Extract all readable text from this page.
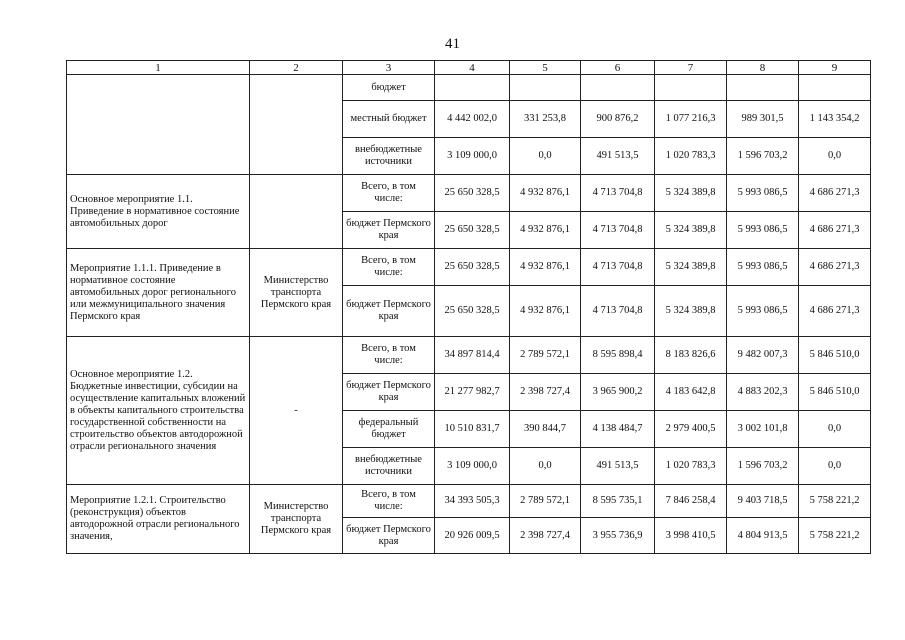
41
1	2	3	4	5	6	7	8	9
		бюджет						
		местный бюджет	4 442 002,0	331 253,8	900 876,2	1 077 216,3	989 301,5	1 143 354,2
		внебюджетные источники	3 109 000,0	0,0	491 513,5	1 020 783,3	1 596 703,2	0,0
Основное мероприятие 1.1. Приведение в нормативное состояние автомобильных дорог		Всего, в том числе:	25 650 328,5	4 932 876,1	4 713 704,8	5 324 389,8	5 993 086,5	4 686 271,3
		бюджет Пермского края	25 650 328,5	4 932 876,1	4 713 704,8	5 324 389,8	5 993 086,5	4 686 271,3
Мероприятие 1.1.1. Приведение в нормативное состояние автомобильных дорог регионального или межмуниципального значения Пермского края	Министерство транспорта Пермского края	Всего, в том числе:	25 650 328,5	4 932 876,1	4 713 704,8	5 324 389,8	5 993 086,5	4 686 271,3
		бюджет Пермского края	25 650 328,5	4 932 876,1	4 713 704,8	5 324 389,8	5 993 086,5	4 686 271,3
Основное мероприятие 1.2. Бюджетные инвестиции, субсидии на осуществление капитальных вложений в объекты капитального строительства государственной собственности на строительство объектов автодорожной отрасли регионального значения	-	Всего, в том числе:	34 897 814,4	2 789 572,1	8 595 898,4	8 183 826,6	9 482 007,3	5 846 510,0
		бюджет Пермского края	21 277 982,7	2 398 727,4	3 965 900,2	4 183 642,8	4 883 202,3	5 846 510,0
		федеральный бюджет	10 510 831,7	390 844,7	4 138 484,7	2 979 400,5	3 002 101,8	0,0
		внебюджетные источники	3 109 000,0	0,0	491 513,5	1 020 783,3	1 596 703,2	0,0
Мероприятие 1.2.1. Строительство (реконструкция) объектов автодорожной отрасли регионального значения,	Министерство транспорта Пермского края	Всего, в том числе:	34 393 505,3	2 789 572,1	8 595 735,1	7 846 258,4	9 403 718,5	5 758 221,2
		бюджет Пермского края	20 926 009,5	2 398 727,4	3 955 736,9	3 998 410,5	4 804 913,5	5 758 221,2
